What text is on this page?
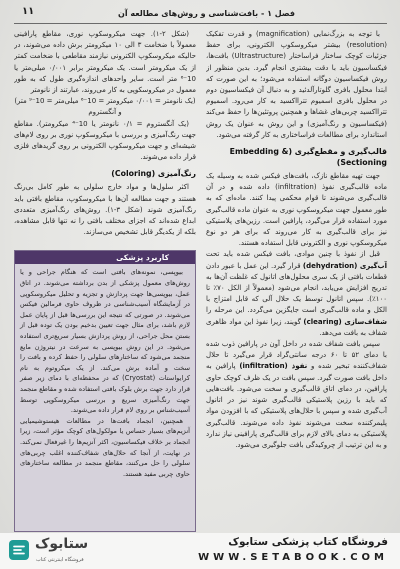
فصل ۱ - بافت‌شناسی و روش‌های مطالعه آن
۱۱

با توجه به بزرگ‌نمایی (magnification) و قدرت تفکیک (resolution) بیشتر میکروسکوپ الکترونی، برای حفظ جزئیات کوچک ساختار فراساختار (Ultrastructure) بافت‌ها، فیکساسیون باید با دقت بیشتری انجام گیرد. بدین منظور از روش فیکساسیون دوگانه استفاده می‌شود؛ به این صورت که ابتدا محلول بافری گلوتارآلدئید و به دنبال آن فیکساسیون دوم در محلول بافری اسمیوم تترااکسید به کار می‌رود. اسمیوم تترااکسید چربی‌های غشاها و همچنین پروتئین‌ها را حفظ می‌کند (فیکساسیون و رنگ‌آمیزی) و این روش به عنوان یک روش استاندارد برای مطالعات فراساختاری به کار گرفته می‌شود.

قالب‌گیری و مقطع‌گیری (Embedding & Sectioning)

جهت تهیه مقاطع نازک، بافت‌های فیکس شده به وسیله یک ماده قالب‌گیری نفوذ (infiltration) داده شده و در آن قالب‌گیری می‌شوند تا قوام محکمی پیدا کنند. ماده‌ای که به طور معمول جهت میکروسکوپ نوری به عنوان ماده قالب‌گیری مورد استفاده قرار می‌گیرد، پارافین است. رزین‌های پلاستیکی نیز برای قالب‌گیری به کار می‌روند که برای هر دو نوع میکروسکوپ نوری و الکترونی قابل استفاده هستند.

قبل از نفوذ با چنین موادی، بافت فیکس شده باید تحت آب‌گیری (dehydration) قرار گیرد. این عمل با عبور دادن قطعات بافتی از یک سری محلول‌های اتانول که غلظت آن‌ها به تدریج افزایش می‌یابد، انجام می‌شود (معمولاً از الکل ۷۰٪ تا ۱۰۰٪). سپس اتانول توسط یک حلال آلی که قابل امتزاج با الکل و ماده قالب‌گیری است جایگزین می‌گردد. این مرحله را شفاف‌سازی (clearing) گویند، زیرا نفوذ این مواد ظاهری شفاف به بافت می‌دهد.

سپس بافت شفاف شده در داخل آون در پارافین ذوب شده با دمای ۵۲ تا ۶۰ درجه سانتی‌گراد قرار می‌گیرد تا حلال شفاف‌کننده تبخیر شده و نفوذ (infiltration) پارافین به داخل بافت صورت گیرد. سپس بافت در یک ظرف کوچک حاوی پارافین، در دمای اتاق قالب‌گیری و سخت می‌شود. بافت‌هایی که باید با رزین پلاستیکی قالب‌گیری شوند نیز در اتانول آب‌گیری شده و سپس با حلال‌های پلاستیکی که با افزودن مواد پلیمرکننده سخت می‌شوند نفوذ داده می‌شوند. قالب‌گیری پلاستیکی به دمای بالای لازم برای قالب‌گیری پارافینی نیاز ندارد و به این ترتیب از چروکیدگی بافت جلوگیری می‌شود.

(شکل ۲-۱). جهت میکروسکوپ نوری، مقاطع پارافینی معمولاً با ضخامت ۳ الی ۱۰ میکرومتر برش داده می‌شوند، در حالیکه میکروسکوپ الکترونی نیازمند مقاطعی با ضخامت کمتر از یک میکرومتر است. یک میکرومتر برابر ۰/۰۰۱ میلی‌متر یا 10⁻⁶ متر است. سایر واحدهای اندازه‌گیری طول که به طور معمول در میکروسکوپی به کار می‌روند، عبارتند از نانومتر

(یک نانومتر = ۰/۰۰۱ میکرومتر = 10⁻⁶ میلی‌متر = 10⁻⁹ متر) و آنگستروم

(یک آنگستروم = ۰/۱ نانومتر یا 10⁻⁴ میکرومتر). مقاطع جهت رنگ‌آمیزی و بررسی با میکروسکوپ نوری بر روی لام‌های شیشه‌ای و جهت میکروسکوپ الکترونی بر روی گریدهای فلزی قرار داده می‌شوند.

رنگ‌آمیزی (Coloring)

اکثر سلول‌ها و مواد خارج سلولی به طور کامل بی‌رنگ هستند و جهت مطالعه آن‌ها با میکروسکوپ، مقاطع بافتی باید رنگ‌آمیزی شوند (شکل ۳-۱). روش‌های رنگ‌آمیزی متعددی ابداع شده‌اند که اجزای مختلف بافتی را نه تنها قابل مشاهده، بلکه از یکدیگر قابل تشخیص می‌سازند.

کاربرد پزشکی

بیوپسی، نمونه‌های بافتی است که هنگام جراحی و یا روش‌های معمول پزشکی از بدن برداشته می‌شوند. در اتاق عمل، بیوپسی‌ها جهت پردازش و تجزیه و تحلیل میکروسکوپی در آزمایشگاه آسیب‌شناسی در ظروف حاوی فرمالین فیکس می‌شوند. در صورتی که نتیجه این بررسی‌ها قبل از پایان عمل لازم باشد، برای مثال جهت تعیین بدخیم بودن یک توده قبل از بستن محل جراحی، از روش پردازش بسیار سریع‌تری استفاده می‌شود. در این روش بیوپسی به سرعت در نیتروژن مایع منجمد می‌شود که ساختارهای سلولی را حفظ کرده و بافت را سخت و آماده برش می‌کند. از یک میکروتوم به نام کرایواستات (Cryostat) که در محفظه‌ای با دمای زیر صفر قرار دارد جهت برش بلوک بافتی استفاده شده و مقاطع منجمد جهت رنگ‌آمیزی سریع و بررسی میکروسکوپی توسط آسیب‌شناس بر روی لام قرار داده می‌شوند.

همچنین، انجماد بافت‌ها در مطالعات هیستوشیمیایی آنزیم‌های بسیار حساس یا مولکول‌های کوچک مؤثر است، زیرا انجماد بر خلاف فیکساسیون، اکثر آنزیم‌ها را غیرفعال نمی‌کند. در نهایت، از آنجا که حلال‌های شفاف‌کننده اغلب چربی‌های سلولی را حل می‌کنند، مقاطع منجمد در مطالعه ساختارهای حاوی چربی مفید هستند.

ستابوک
فروشگاه اینترنتی کتاب
فروشگاه کتاب پزشکی ستابوک
WWW.SETABOOK.COM
